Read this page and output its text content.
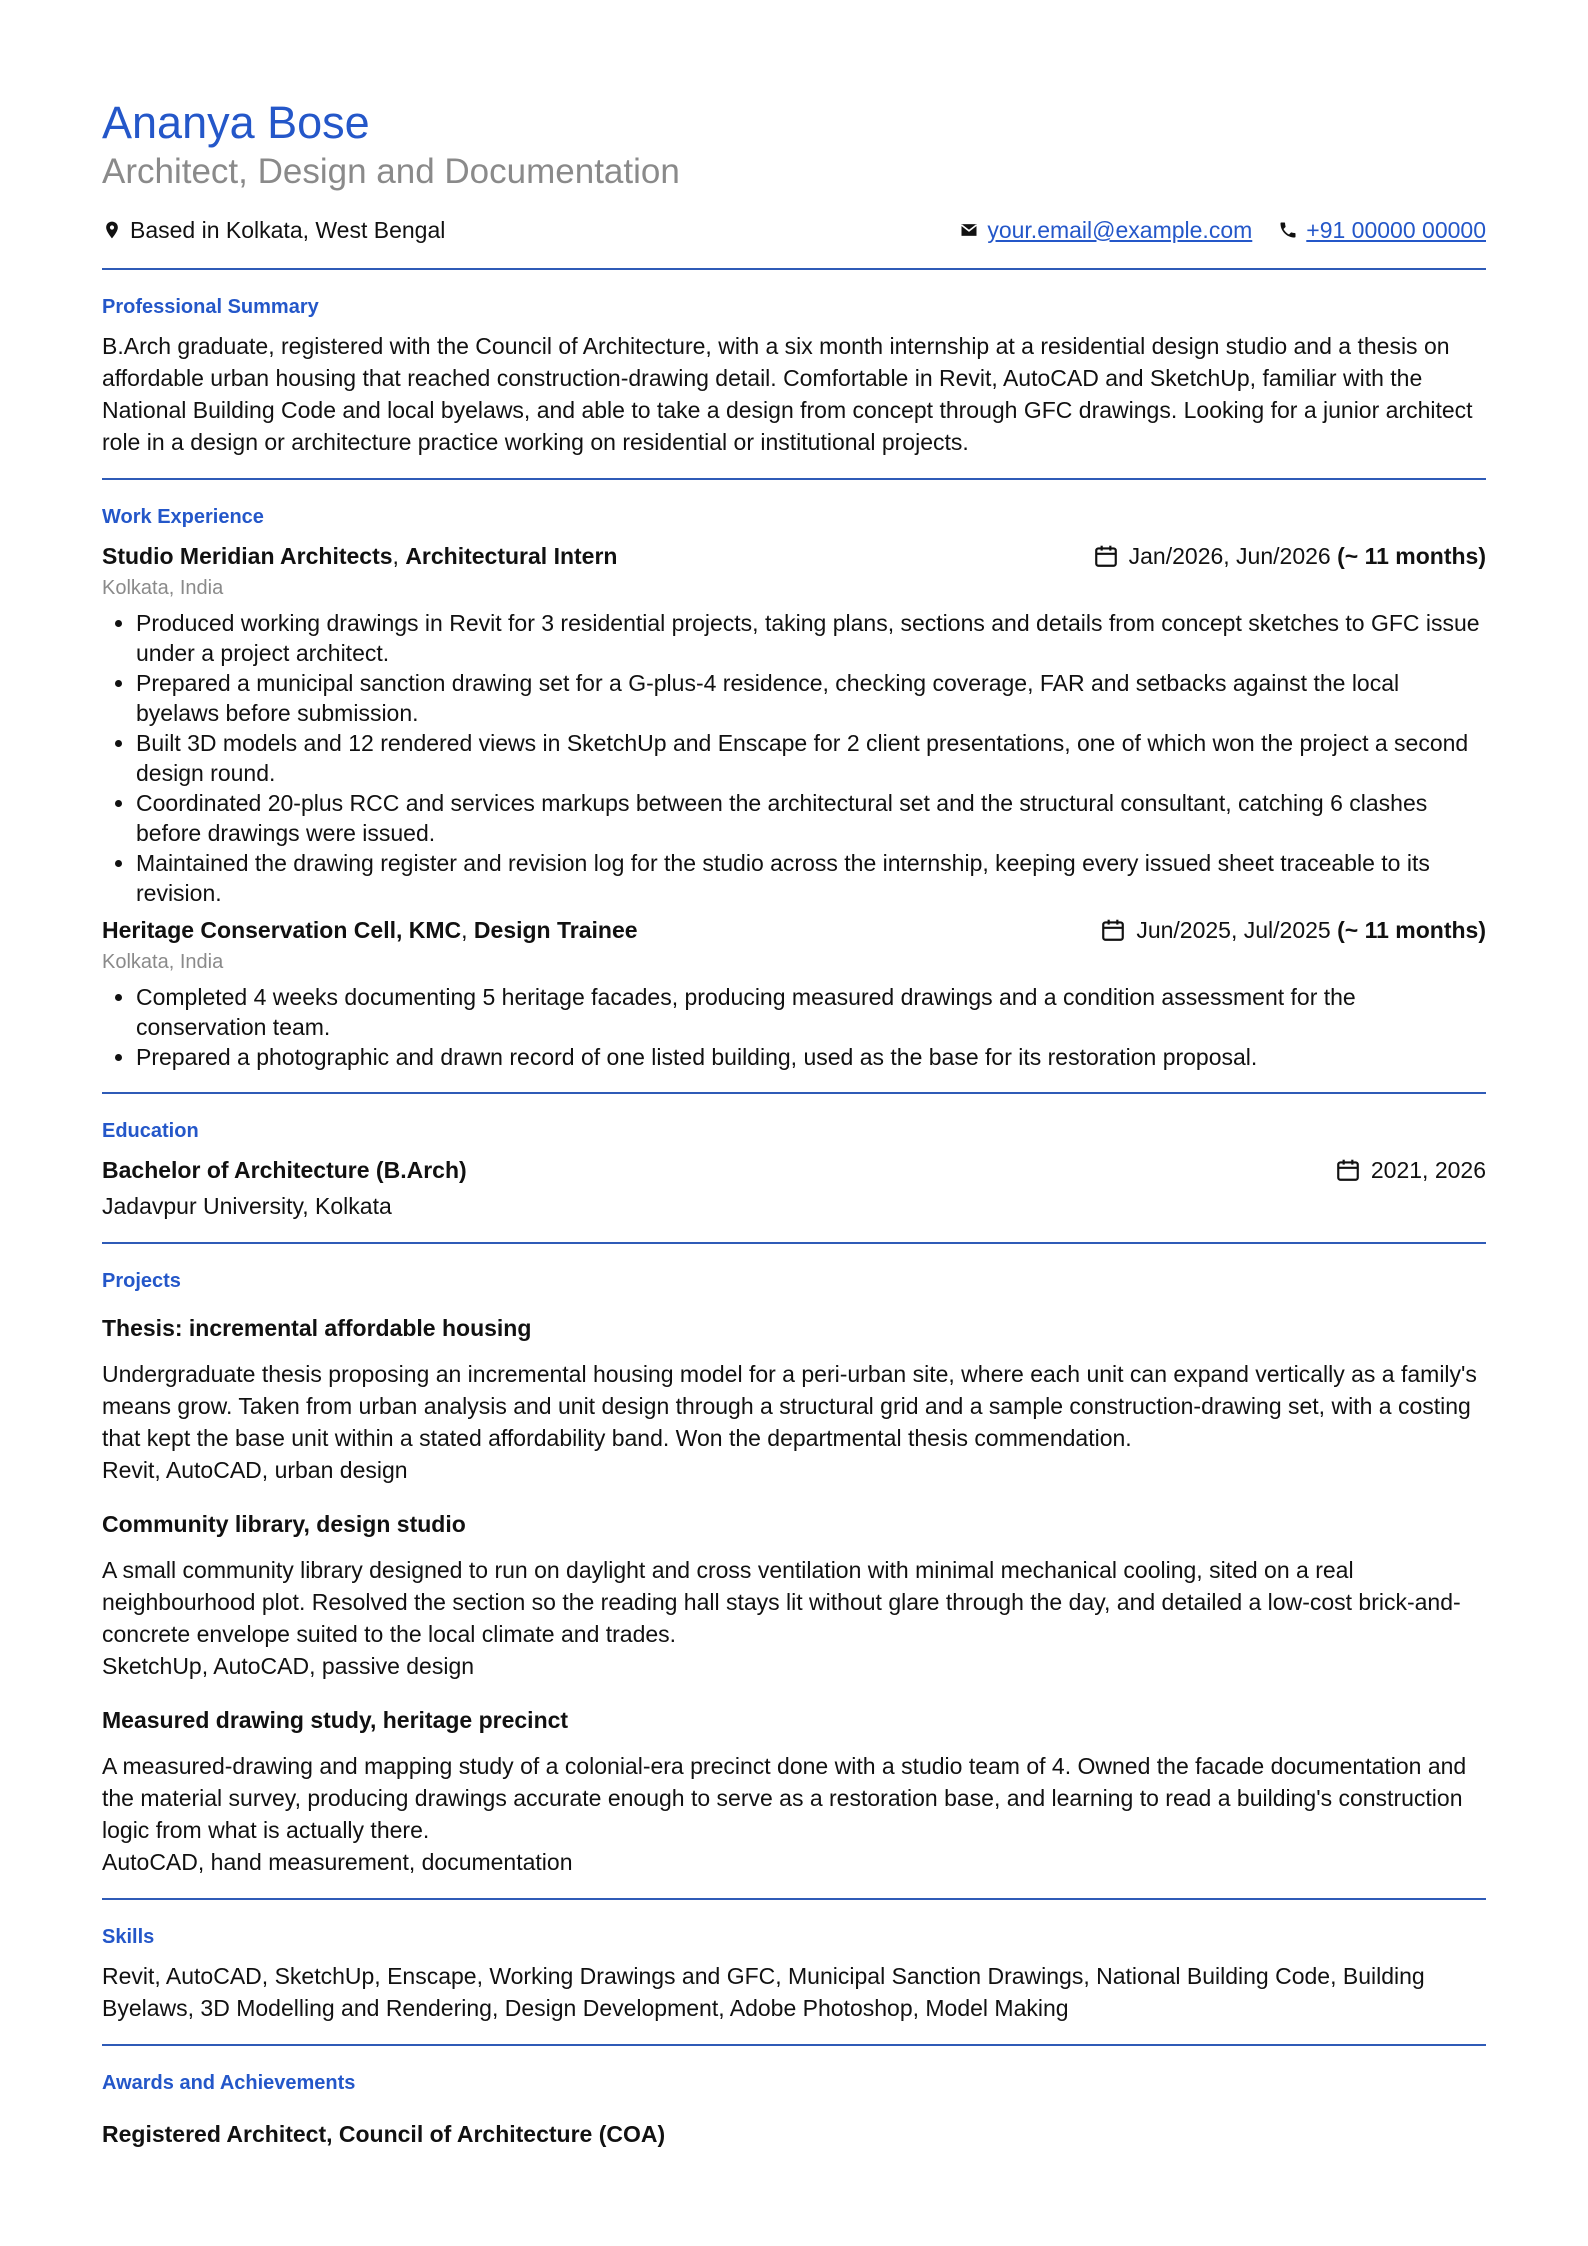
Ananya Bose
Architect, Design and Documentation
Based in Kolkata, West Bengal	your.email@example.com +91 00000 00000
Professional Summary

B.Arch graduate, registered with the Council of Architecture, with a six month internship at a residential design studio and a thesis on affordable urban housing that reached construction-drawing detail. Comfortable in Revit, AutoCAD and SketchUp, familiar with the National Building Code and local byelaws, and able to take a design from concept through GFC drawings. Looking for a junior architect role in a design or architecture practice working on residential or institutional projects.

Work Experience
Studio Meridian Architects, Architectural Intern	Jan/2026, Jun/2026
(~ 11 months)
Kolkata, India
• Produced working drawings in Revit for 3 residential projects, taking plans, sections and details from concept sketches to GFC issue under a project architect.
• Prepared a municipal sanction drawing set for a G-plus-4 residence, checking coverage, FAR and setbacks against the local byelaws before submission.
• Built 3D models and 12 rendered views in SketchUp and Enscape for 2 client presentations, one of which won the project a second design round.
• Coordinated 20-plus RCC and services markups between the architectural set and the structural consultant, catching 6 clashes before drawings were issued.
• Maintained the drawing register and revision log for the studio across the internship, keeping every issued sheet traceable to its revision.
Heritage Conservation Cell, KMC, Design Trainee	Jun/2025, Jul/2025
(~ 11 months)
Kolkata, India
• Completed 4 weeks documenting 5 heritage facades, producing measured drawings and a condition assessment for the conservation team.
• Prepared a photographic and drawn record of one listed building, used as the base for its restoration proposal.
Education
Bachelor of Architecture (B.Arch)	2021, 2026
Jadavpur University, Kolkata
Projects
Thesis: incremental affordable housing

Undergraduate thesis proposing an incremental housing model for a peri-urban site, where each unit can expand vertically as a family's means grow. Taken from urban analysis and unit design through a structural grid and a sample construction-drawing set, with a costing that kept the base unit within a stated affordability band. Won the departmental thesis commendation.

Revit, AutoCAD, urban design

Community library, design studio

A small community library designed to run on daylight and cross ventilation with minimal mechanical cooling, sited on a real neighbourhood plot. Resolved the section so the reading hall stays lit without glare through the day, and detailed a low-cost brick-and-concrete envelope suited to the local climate and trades.

SketchUp, AutoCAD, passive design

Measured drawing study, heritage precinct

A measured-drawing and mapping study of a colonial-era precinct done with a studio team of 4. Owned the facade documentation and the material survey, producing drawings accurate enough to serve as a restoration base, and learning to read a building's construction logic from what is actually there.

AutoCAD, hand measurement, documentation

Skills

Revit, AutoCAD, SketchUp, Enscape, Working Drawings and GFC, Municipal Sanction Drawings, National Building Code, Building Byelaws, 3D Modelling and Rendering, Design Development, Adobe Photoshop, Model Making

Awards and Achievements
Registered Architect, Council of Architecture (COA)
